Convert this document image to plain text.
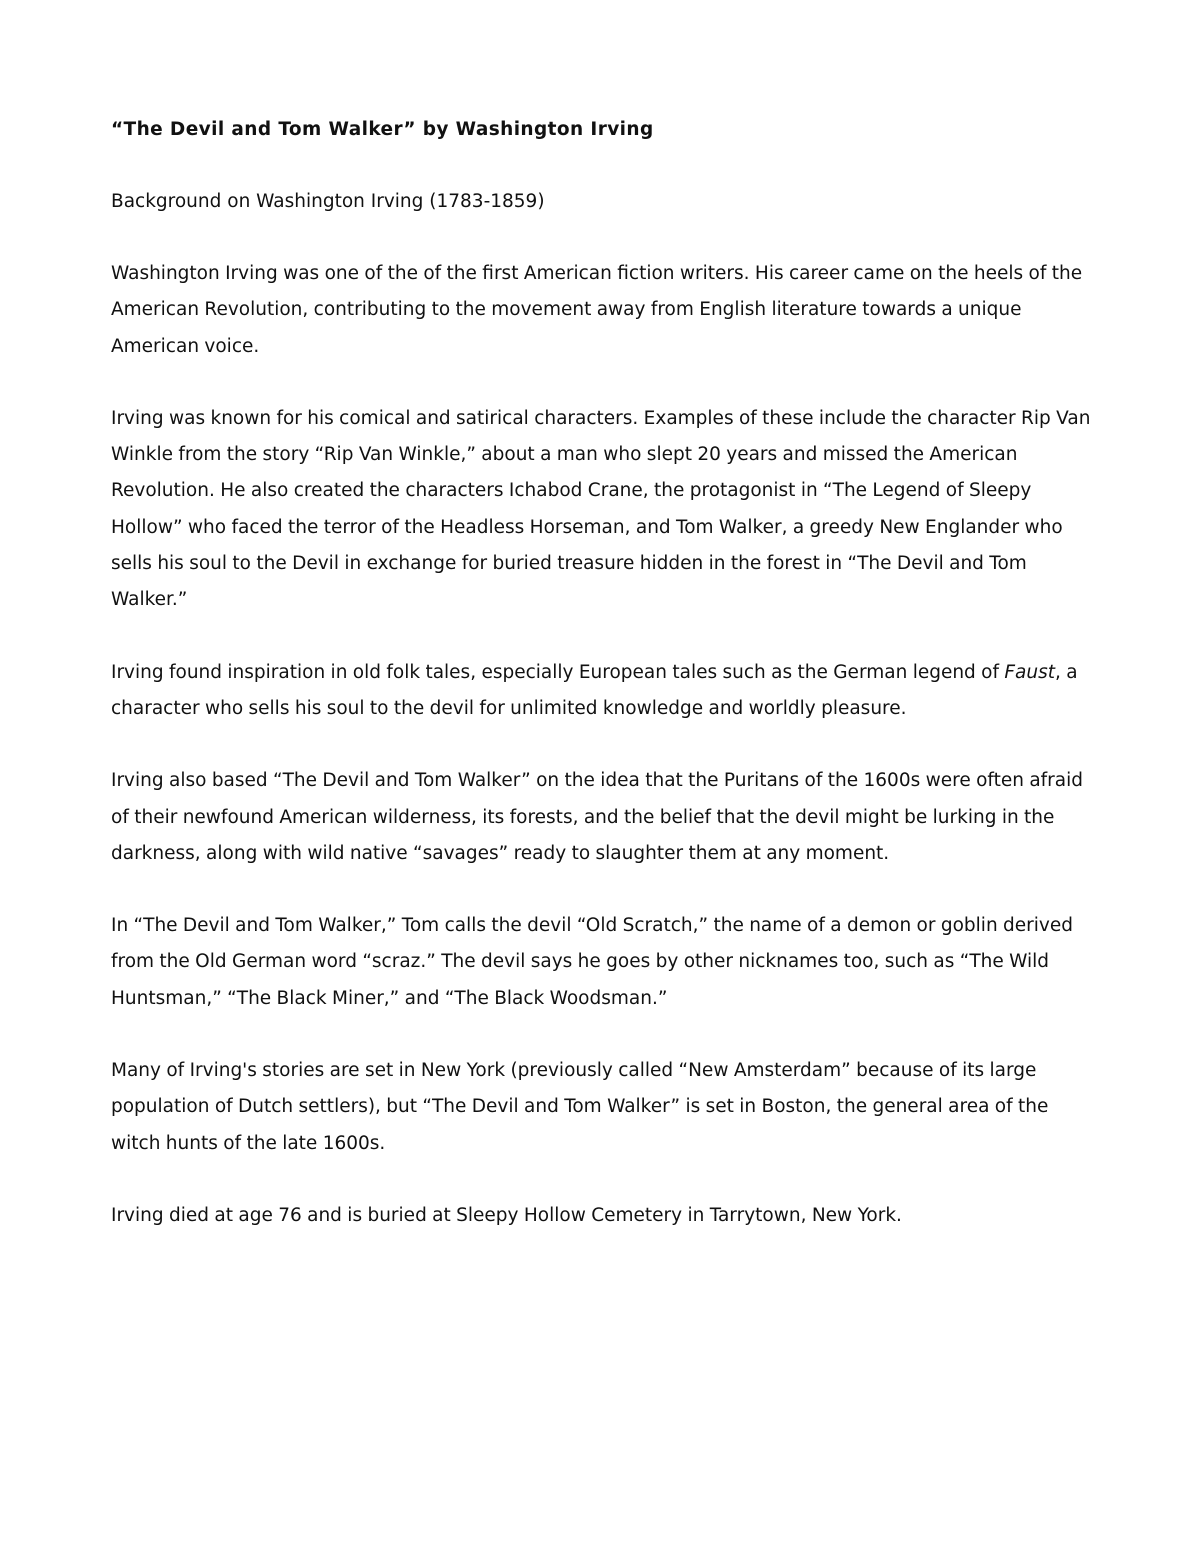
“The Devil and Tom Walker” by Washington Irving
Background on Washington Irving (1783-1859)

Washington Irving was one of the of the first American fiction writers. His career came on the heels of the American Revolution, contributing to the movement away from English literature towards a unique American voice.

Irving was known for his comical and satirical characters. Examples of these include the character Rip Van Winkle from the story “Rip Van Winkle,” about a man who slept 20 years and missed the American Revolution. He also created the characters Ichabod Crane, the protagonist in “The Legend of Sleepy Hollow” who faced the terror of the Headless Horseman, and Tom Walker, a greedy New Englander who sells his soul to the Devil in exchange for buried treasure hidden in the forest in “The Devil and Tom Walker.”

Irving found inspiration in old folk tales, especially European tales such as the German legend of Faust, a character who sells his soul to the devil for unlimited knowledge and worldly pleasure.

Irving also based “The Devil and Tom Walker” on the idea that the Puritans of the 1600s were often afraid of their newfound American wilderness, its forests, and the belief that the devil might be lurking in the darkness, along with wild native “savages” ready to slaughter them at any moment.

In “The Devil and Tom Walker,” Tom calls the devil “Old Scratch,” the name of a demon or goblin derived from the Old German word “scraz.” The devil says he goes by other nicknames too, such as “The Wild Huntsman,” “The Black Miner,” and “The Black Woodsman.”

Many of Irving's stories are set in New York (previously called “New Amsterdam” because of its large population of Dutch settlers), but “The Devil and Tom Walker” is set in Boston, the general area of the witch hunts of the late 1600s.

Irving died at age 76 and is buried at Sleepy Hollow Cemetery in Tarrytown, New York.
